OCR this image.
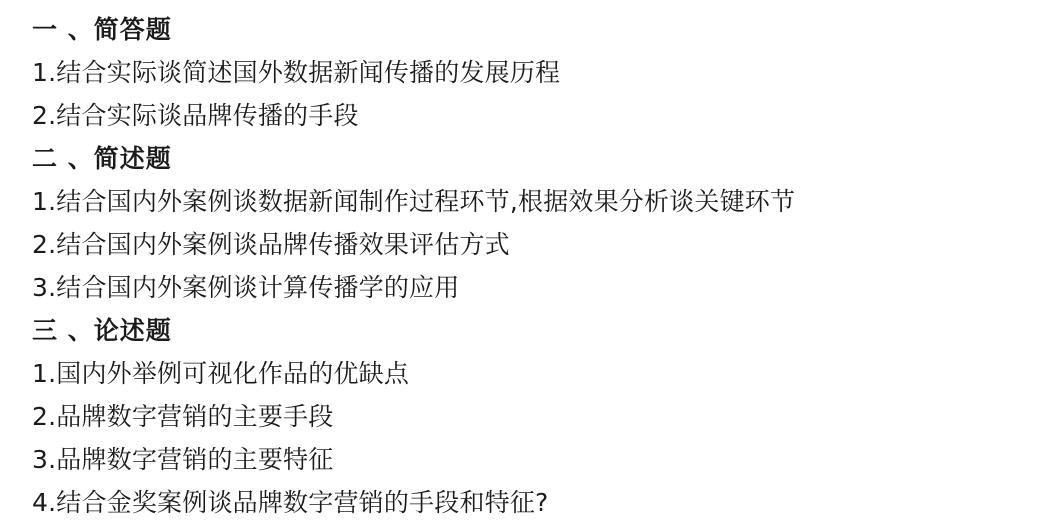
一 、简答题
1.结合实际谈简述国外数据新闻传播的发展历程
2.结合实际谈品牌传播的手段
二 、简述题
1.结合国内外案例谈数据新闻制作过程环节,根据效果分析谈关键环节
2.结合国内外案例谈品牌传播效果评估方式
3.结合国内外案例谈计算传播学的应用
三 、论述题
1.国内外举例可视化作品的优缺点
2.品牌数字营销的主要手段
3.品牌数字营销的主要特征
4.结合金奖案例谈品牌数字营销的手段和特征?
